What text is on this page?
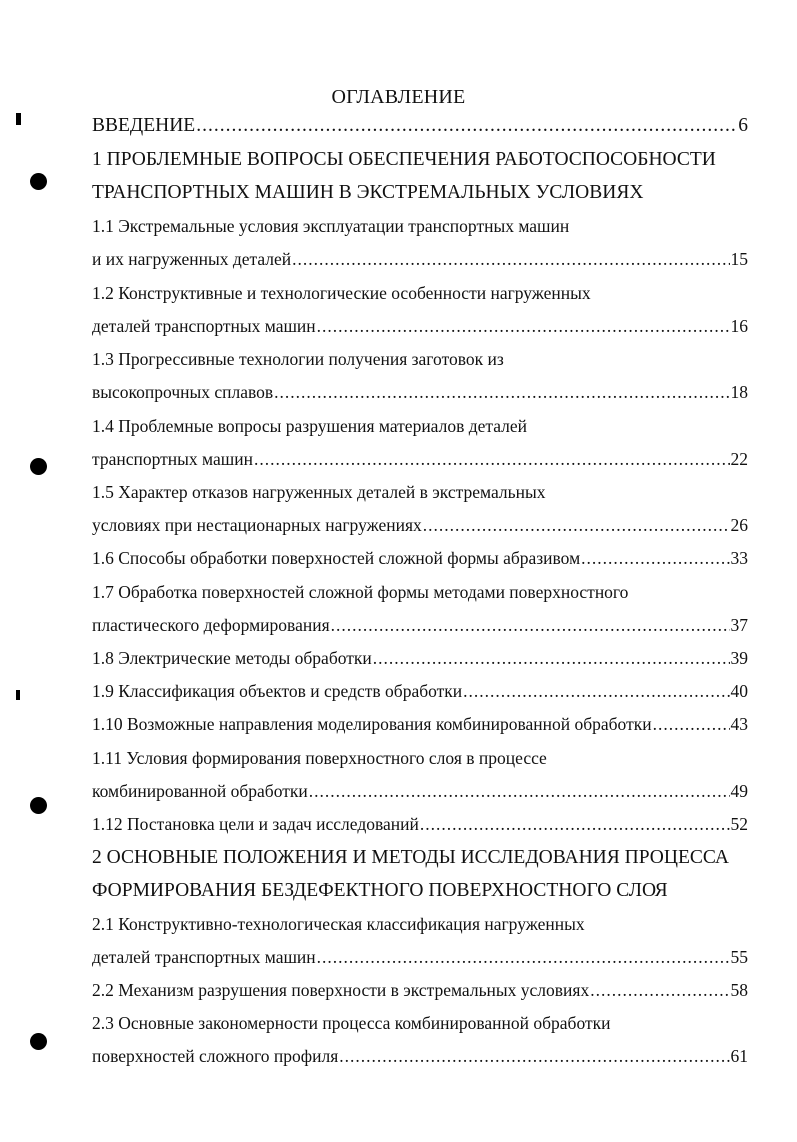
ОГЛАВЛЕНИЕ
ВВЕДЕНИЕ .....	6
1 ПРОБЛЕМНЫЕ ВОПРОСЫ ОБЕСПЕЧЕНИЯ РАБОТОСПОСОБНОСТИ
ТРАНСПОРТНЫХ МАШИН В ЭКСТРЕМАЛЬНЫХ УСЛОВИЯХ
1.1 Экстремальные условия эксплуатации транспортных машин
и их нагруженных деталей .....	15
1.2 Конструктивные и технологические особенности нагруженных
деталей транспортных машин .....	16
1.3 Прогрессивные технологии получения заготовок из
высокопрочных сплавов .....	18
1.4 Проблемные вопросы разрушения материалов деталей
транспортных машин .....	22
1.5 Характер отказов нагруженных деталей в экстремальных
условиях при нестационарных нагружениях .....	26
1.6 Способы обработки поверхностей сложной формы абразивом .....	33
1.7 Обработка поверхностей сложной формы методами поверхностного
пластического деформирования .....	37
1.8 Электрические методы обработки .....	39
1.9 Классификация объектов и средств обработки .....	40
1.10 Возможные направления моделирования комбинированной обработки .....	43
1.11 Условия формирования поверхностного слоя в процессе
комбинированной обработки .....	49
1.12 Постановка цели и задач исследований .....	52
2 ОСНОВНЫЕ ПОЛОЖЕНИЯ И МЕТОДЫ ИССЛЕДОВАНИЯ ПРОЦЕССА
ФОРМИРОВАНИЯ БЕЗДЕФЕКТНОГО ПОВЕРХНОСТНОГО СЛОЯ
2.1 Конструктивно-технологическая классификация нагруженных
деталей транспортных машин .....	55
2.2 Механизм разрушения поверхности в экстремальных условиях .....	58
2.3 Основные закономерности процесса комбинированной обработки
поверхностей сложного профиля .....	61
